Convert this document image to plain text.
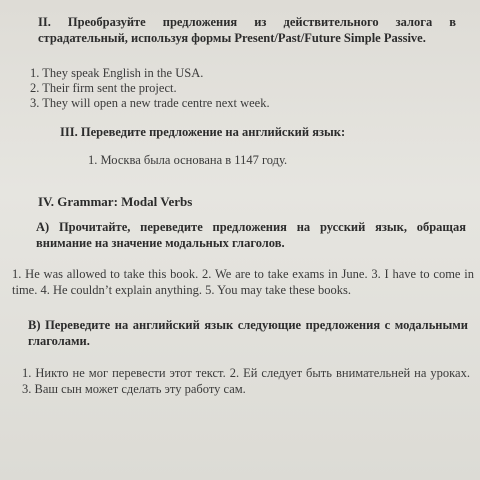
II. Преобразуйте предложения из действительного залога в страдательный, используя формы Present/Past/Future Simple Passive.
1. They speak English in the USA.
2. Their firm sent the project.
3. They will open a new trade centre next week.
III. Переведите предложение на английский язык:
1. Москва была основана в 1147 году.
IV. Grammar: Modal Verbs
A) Прочитайте, переведите предложения на русский язык, обращая внимание на значение модальных глаголов.
1. He was allowed to take this book. 2. We are to take exams in June. 3. I have to come in time. 4. He couldn’t explain anything. 5. You may take these books.
B) Переведите на английский язык следующие предложения с модальными глаголами.
1. Никто не мог перевести этот текст. 2. Ей следует быть внимательней на уроках. 3. Ваш сын может сделать эту работу сам.
